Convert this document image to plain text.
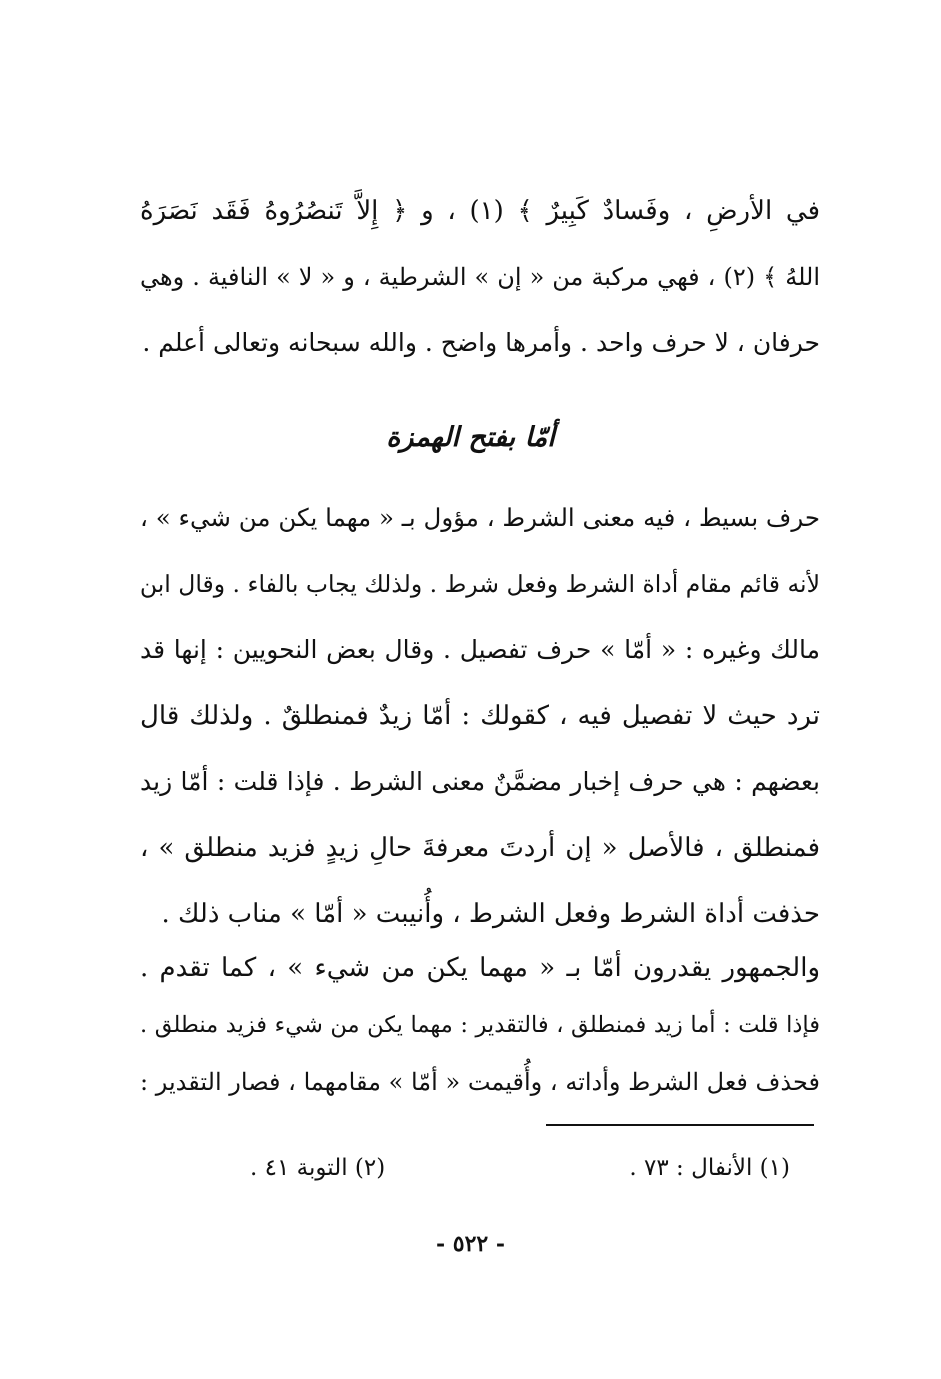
في الأرضِ ، وفَسادٌ كَبِيرٌ ﴾ (١) ، و ﴿ إِلاَّ تَنصُرُوهُ فَقَد نَصَرَهُ
اللهُ ﴾ (٢) ، فهي مركبة من « إن » الشرطية ، و « لا » النافية . وهي
حرفان ، لا حرف واحد . وأمرها واضح . والله سبحانه وتعالى أعلم .
أمّا بفتح الهمزة
حرف بسيط ، فيه معنى الشرط ، مؤول بـ « مهما يكن من شيء » ،
لأنه قائم مقام أداة الشرط وفعل شرط . ولذلك يجاب بالفاء . وقال ابن
مالك وغيره : « أمّا » حرف تفصيل . وقال بعض النحويين : إنها قد
ترد حيث لا تفصيل فيه ، كقولك : أمّا زيدٌ فمنطلقٌ . ولذلك قال
بعضهم : هي حرف إخبار مضمَّنٌ معنى الشرط . فإذا قلت : أمّا زيد
فمنطلق ، فالأصل « إن أردتَ معرفةَ حالِ زيدٍ فزيد منطلق » ،
حذفت أداة الشرط وفعل الشرط ، وأُنيبت « أمّا » مناب ذلك .
والجمهور يقدرون أمّا بـ « مهما يكن من شيء » ، كما تقدم .
فإذا قلت : أما زيد فمنطلق ، فالتقدير : مهما يكن من شيء فزيد منطلق .
فحذف فعل الشرط وأداته ، وأُقيمت « أمّا » مقامهما ، فصار التقدير :
(١) الأنفال : ٧٣ .
(٢) التوبة ٤١ .
- ٥٢٢ -
